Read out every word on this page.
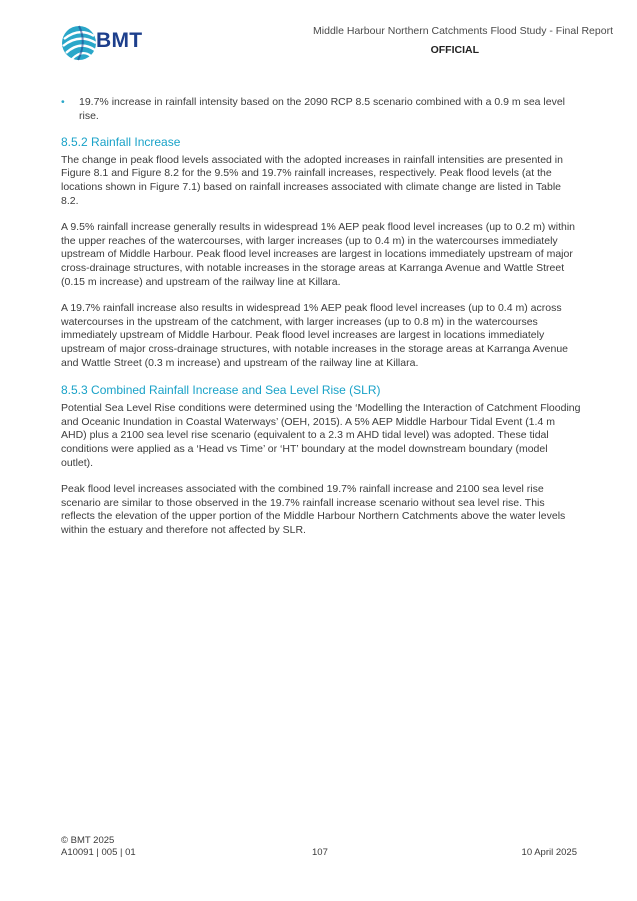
BMT	Middle Harbour Northern Catchments Flood Study - Final Report
OFFICIAL
• 19.7% increase in rainfall intensity based on the 2090 RCP 8.5 scenario combined with a 0.9 m sea level rise.
8.5.2 Rainfall Increase

The change in peak flood levels associated with the adopted increases in rainfall intensities are presented in Figure 8.1 and Figure 8.2 for the 9.5% and 19.7% rainfall increases, respectively. Peak flood levels (at the locations shown in Figure 7.1) based on rainfall increases associated with climate change are listed in Table 8.2.

A 9.5% rainfall increase generally results in widespread 1% AEP peak flood level increases (up to 0.2 m) within the upper reaches of the watercourses, with larger increases (up to 0.4 m) in the watercourses immediately upstream of Middle Harbour. Peak flood level increases are largest in locations immediately upstream of major cross-drainage structures, with notable increases in the storage areas at Karranga Avenue and Wattle Street (0.15 m increase) and upstream of the railway line at Killara.

A 19.7% rainfall increase also results in widespread 1% AEP peak flood level increases (up to 0.4 m) across watercourses in the upstream of the catchment, with larger increases (up to 0.8 m) in the watercourses immediately upstream of Middle Harbour. Peak flood level increases are largest in locations immediately upstream of major cross-drainage structures, with notable increases in the storage areas at Karranga Avenue and Wattle Street (0.3 m increase) and upstream of the railway line at Killara.

8.5.3 Combined Rainfall Increase and Sea Level Rise (SLR)

Potential Sea Level Rise conditions were determined using the ‘Modelling the Interaction of Catchment Flooding and Oceanic Inundation in Coastal Waterways’ (OEH, 2015). A 5% AEP Middle Harbour Tidal Event (1.4 m AHD) plus a 2100 sea level rise scenario (equivalent to a 2.3 m AHD tidal level) was adopted. These tidal conditions were applied as a ‘Head vs Time’ or ‘HT’ boundary at the model downstream boundary (model outlet).

Peak flood level increases associated with the combined 19.7% rainfall increase and 2100 sea level rise scenario are similar to those observed in the 19.7% rainfall increase scenario without sea level rise. This reflects the elevation of the upper portion of the Middle Harbour Northern Catchments above the water levels within the estuary and therefore not affected by SLR.

© BMT 2025
A10091 | 005 | 01	107	10 April 2025
